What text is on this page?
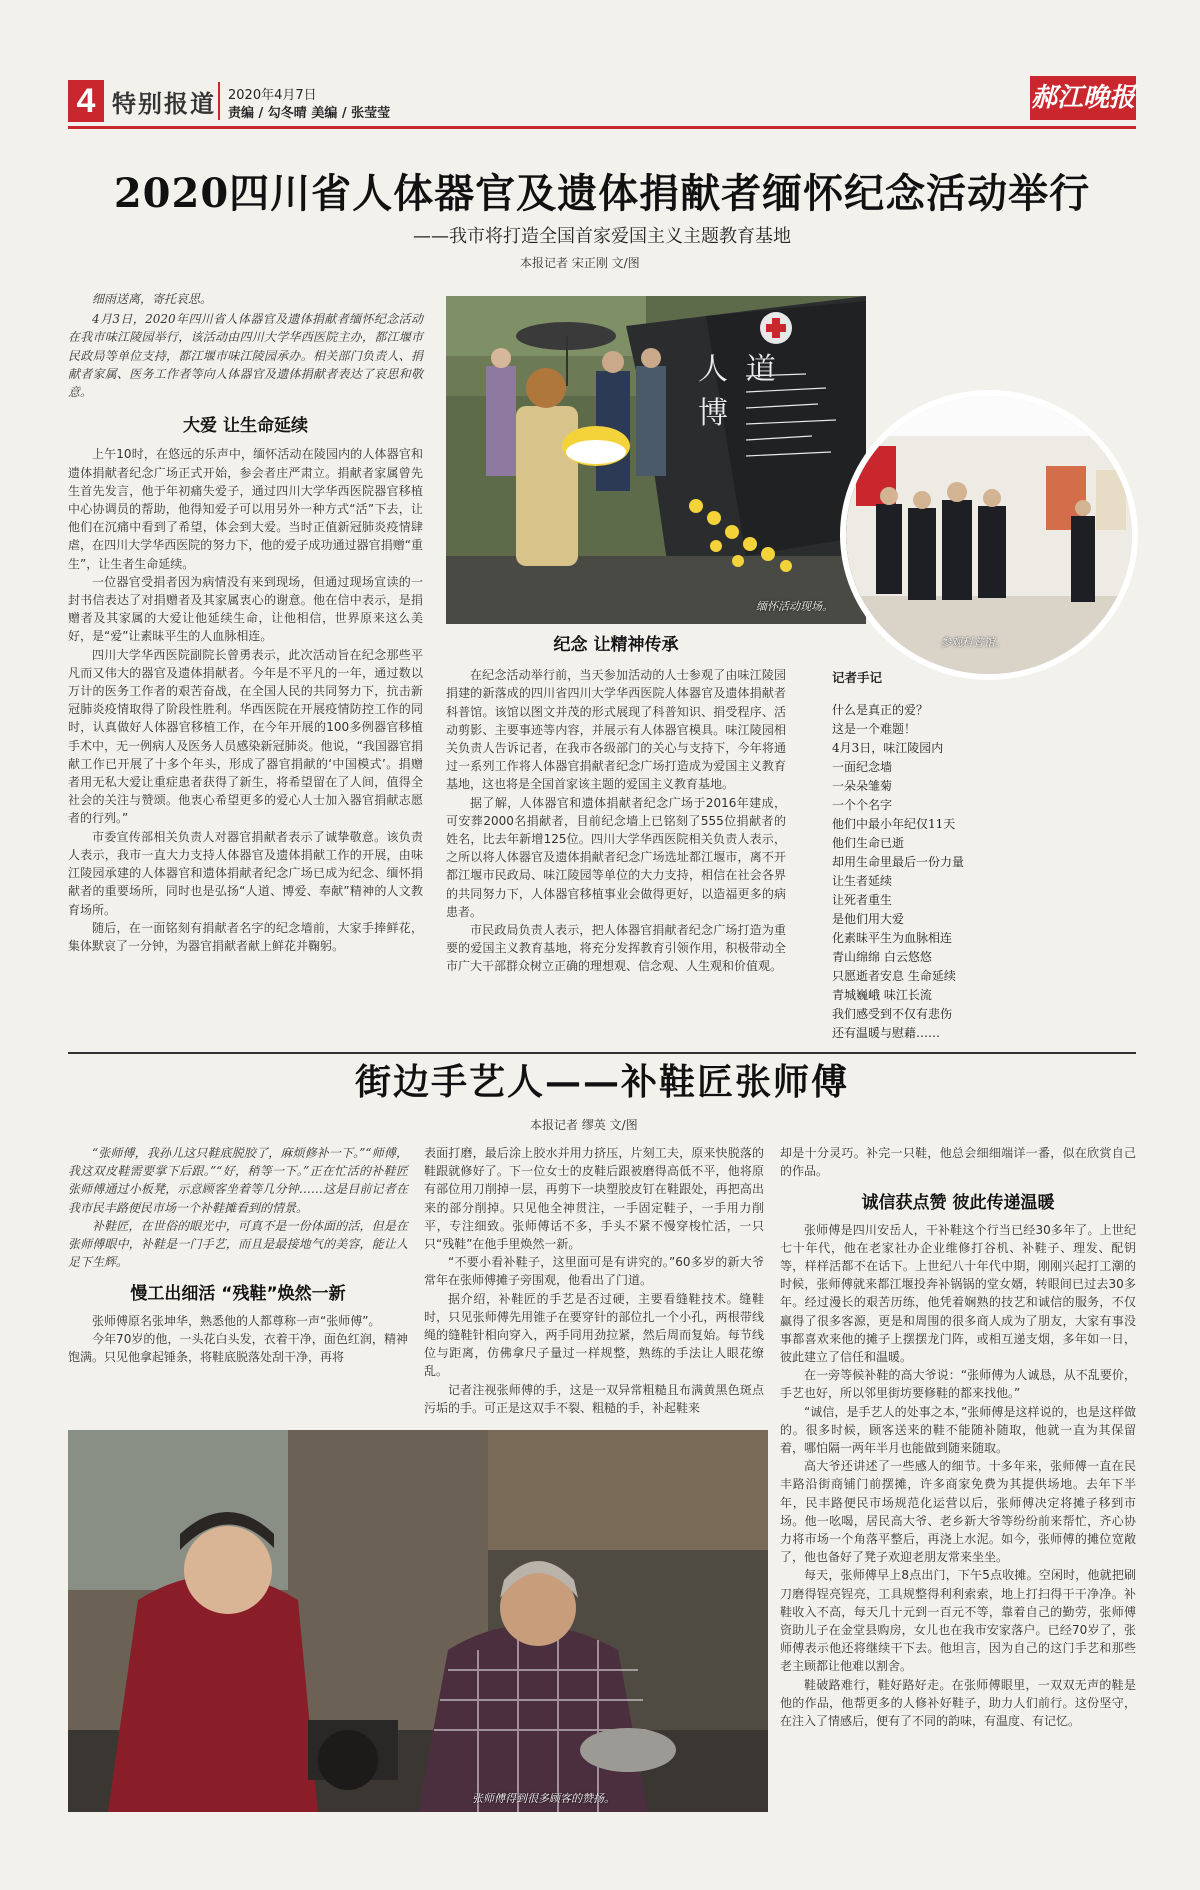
4 特别报道 2020年4月7日
责编 / 勾冬晴 美编 / 张莹莹
郝江晚报
2020四川省人体器官及遗体捐献者缅怀纪念活动举行
——我市将打造全国首家爱国主义主题教育基地
本报记者 宋正刚 文/图

细雨送离，寄托哀思。

4月3日，2020年四川省人体器官及遗体捐献者缅怀纪念活动在我市味江陵园举行，该活动由四川大学华西医院主办，都江堰市民政局等单位支持，都江堰市味江陵园承办。相关部门负责人、捐献者家属、医务工作者等向人体器官及遗体捐献者表达了哀思和敬意。

大爱 让生命延续

上午10时，在悠远的乐声中，缅怀活动在陵园内的人体器官和遗体捐献者纪念广场正式开始，参会者庄严肃立。捐献者家属曾先生首先发言，他于年初痛失爱子，通过四川大学华西医院器官移植中心协调员的帮助，他得知爱子可以用另外一种方式“活”下去，让他们在沉痛中看到了希望，体会到大爱。当时正值新冠肺炎疫情肆虐，在四川大学华西医院的努力下，他的爱子成功通过器官捐赠“重生”，让生者生命延续。

一位器官受捐者因为病情没有来到现场，但通过现场宣读的一封书信表达了对捐赠者及其家属衷心的谢意。他在信中表示，是捐赠者及其家属的大爱让他延续生命，让他相信，世界原来这么美好，是“爱”让素昧平生的人血脉相连。

四川大学华西医院副院长曾勇表示，此次活动旨在纪念那些平凡而又伟大的器官及遗体捐献者。今年是不平凡的一年，通过数以万计的医务工作者的艰苦奋战，在全国人民的共同努力下，抗击新冠肺炎疫情取得了阶段性胜利。华西医院在开展疫情防控工作的同时，认真做好人体器官移植工作，在今年开展的100多例器官移植手术中，无一例病人及医务人员感染新冠肺炎。他说，“我国器官捐献工作已开展了十多个年头，形成了器官捐献的‘中国模式’。捐赠者用无私大爱让重症患者获得了新生，将希望留在了人间，值得全社会的关注与赞颂。他衷心希望更多的爱心人士加入器官捐献志愿者的行列。”

市委宣传部相关负责人对器官捐献者表示了诚挚敬意。该负责人表示，我市一直大力支持人体器官及遗体捐献工作的开展，由味江陵园承建的人体器官和遗体捐献者纪念广场已成为纪念、缅怀捐献者的重要场所，同时也是弘扬“人道、博爱、奉献”精神的人文教育场所。

随后，在一面铭刻有捐献者名字的纪念墙前，大家手捧鲜花，集体默哀了一分钟，为器官捐献者献上鲜花并鞠躬。

人道 博
缅怀活动现场。
参观科普馆。
纪念 让精神传承

在纪念活动举行前，当天参加活动的人士参观了由味江陵园捐建的新落成的四川省四川大学华西医院人体器官及遗体捐献者科普馆。该馆以图文并茂的形式展现了科普知识、捐受程序、活动剪影、主要事迹等内容，并展示有人体器官模具。味江陵园相关负责人告诉记者，在我市各级部门的关心与支持下，今年将通过一系列工作将人体器官捐献者纪念广场打造成为爱国主义教育基地，这也将是全国首家该主题的爱国主义教育基地。

据了解，人体器官和遗体捐献者纪念广场于2016年建成，可安葬2000名捐献者，目前纪念墙上已铭刻了555位捐献者的姓名，比去年新增125位。四川大学华西医院相关负责人表示，之所以将人体器官及遗体捐献者纪念广场选址都江堰市，离不开都江堰市民政局、味江陵园等单位的大力支持，相信在社会各界的共同努力下，人体器官移植事业会做得更好，以造福更多的病患者。

市民政局负责人表示，把人体器官捐献者纪念广场打造为重要的爱国主义教育基地，将充分发挥教育引领作用，积极带动全市广大干部群众树立正确的理想观、信念观、人生观和价值观。

记者手记
什么是真正的爱？
这是一个难题！
4月3日，味江陵园内
一面纪念墙
一朵朵雏菊
一个个名字
他们中最小年纪仅11天
他们生命已逝
却用生命里最后一份力量
让生者延续
让死者重生
是他们用大爱
化素昧平生为血脉相连
青山绵绵 白云悠悠
只愿逝者安息 生命延续
青城巍峨 味江长流
我们感受到不仅有悲伤
还有温暖与慰藉……
街边手艺人——补鞋匠张师傅
本报记者 缪英 文/图

“张师傅，我孙儿这只鞋底脱胶了，麻烦修补一下。”“师傅，我这双皮鞋需要掌下后跟。”“好，稍等一下。”正在忙活的补鞋匠张师傅通过小板凳，示意顾客坐着等几分钟……这是目前记者在我市民丰路便民市场一个补鞋摊看到的情景。

补鞋匠，在世俗的眼光中，可真不是一份体面的活，但是在张师傅眼中，补鞋是一门手艺，而且是最接地气的美容，能让人足下生辉。

慢工出细活 “残鞋”焕然一新

张师傅原名张坤华，熟悉他的人都尊称一声“张师傅”。

今年70岁的他，一头花白头发，衣着干净，面色红润，精神饱满。只见他拿起锤条，将鞋底脱落处刮干净，再将

表面打磨，最后涂上胶水并用力挤压，片刻工夫，原来快脱落的鞋跟就修好了。下一位女士的皮鞋后跟被磨得高低不平，他将原有部位用刀削掉一层，再剪下一块塑胶皮钉在鞋跟处，再把高出来的部分削掉。只见他全神贯注，一手固定鞋子，一手用力削平，专注细致。张师傅话不多，手头不紧不慢穿梭忙活，一只只“残鞋”在他手里焕然一新。

“不要小看补鞋子，这里面可是有讲究的。”60多岁的新大爷常年在张师傅摊子旁围观，他看出了门道。

据介绍，补鞋匠的手艺是否过硬，主要看缝鞋技术。缝鞋时，只见张师傅先用锥子在要穿针的部位扎一个小孔，两根带线绳的缝鞋针相向穿入，两手同用劲拉紧，然后周而复始。每节线位与距离，仿佛拿尺子量过一样规整，熟练的手法让人眼花缭乱。

记者注视张师傅的手，这是一双异常粗糙且布满黄黑色斑点污垢的手。可正是这双手不裂、粗糙的手，补起鞋来

却是十分灵巧。补完一只鞋，他总会细细端详一番，似在欣赏自己的作品。

诚信获点赞 彼此传递温暖

张师傅是四川安岳人，干补鞋这个行当已经30多年了。上世纪七十年代，他在老家社办企业维修打谷机、补鞋子、理发、配钥等，样样活都不在话下。上世纪八十年代中期，刚刚兴起打工潮的时候，张师傅就来都江堰投奔补锅锅的堂女婿，转眼间已过去30多年。经过漫长的艰苦历练，他凭着娴熟的技艺和诚信的服务，不仅赢得了很多客源，更是和周围的很多商人成为了朋友，大家有事没事都喜欢来他的摊子上摆摆龙门阵，或相互递支烟，多年如一日，彼此建立了信任和温暖。

在一旁等候补鞋的高大爷说：“张师傅为人诚恳，从不乱要价，手艺也好，所以邻里街坊要修鞋的都来找他。”

“诚信，是手艺人的处事之本，”张师傅是这样说的，也是这样做的。很多时候，顾客送来的鞋不能随补随取，他就一直为其保留着，哪怕隔一两年半月也能做到随来随取。

高大爷还讲述了一些感人的细节。十多年来，张师傅一直在民丰路沿街商铺门前摆摊，许多商家免费为其提供场地。去年下半年，民丰路便民市场规范化运营以后，张师傅决定将摊子移到市场。他一吆喝，居民高大爷、老乡新大爷等纷纷前来帮忙，齐心协力将市场一个角落平整后，再浇上水泥。如今，张师傅的摊位宽敞了，他也备好了凳子欢迎老朋友常来坐坐。

每天，张师傅早上8点出门，下午5点收摊。空闲时，他就把刷刀磨得锃亮锃亮，工具规整得利利索索，地上打扫得干干净净。补鞋收入不高，每天几十元到一百元不等，靠着自己的勤劳，张师傅资助儿子在金堂县购房，女儿也在我市安家落户。已经70岁了，张师傅表示他还将继续干下去。他坦言，因为自己的这门手艺和那些老主顾都让他难以割舍。

鞋破路难行，鞋好路好走。在张师傅眼里，一双双无声的鞋是他的作品，他帮更多的人修补好鞋子，助力人们前行。这份坚守，在注入了情感后，便有了不同的韵味，有温度、有记忆。

张师傅得到很多顾客的赞扬。
